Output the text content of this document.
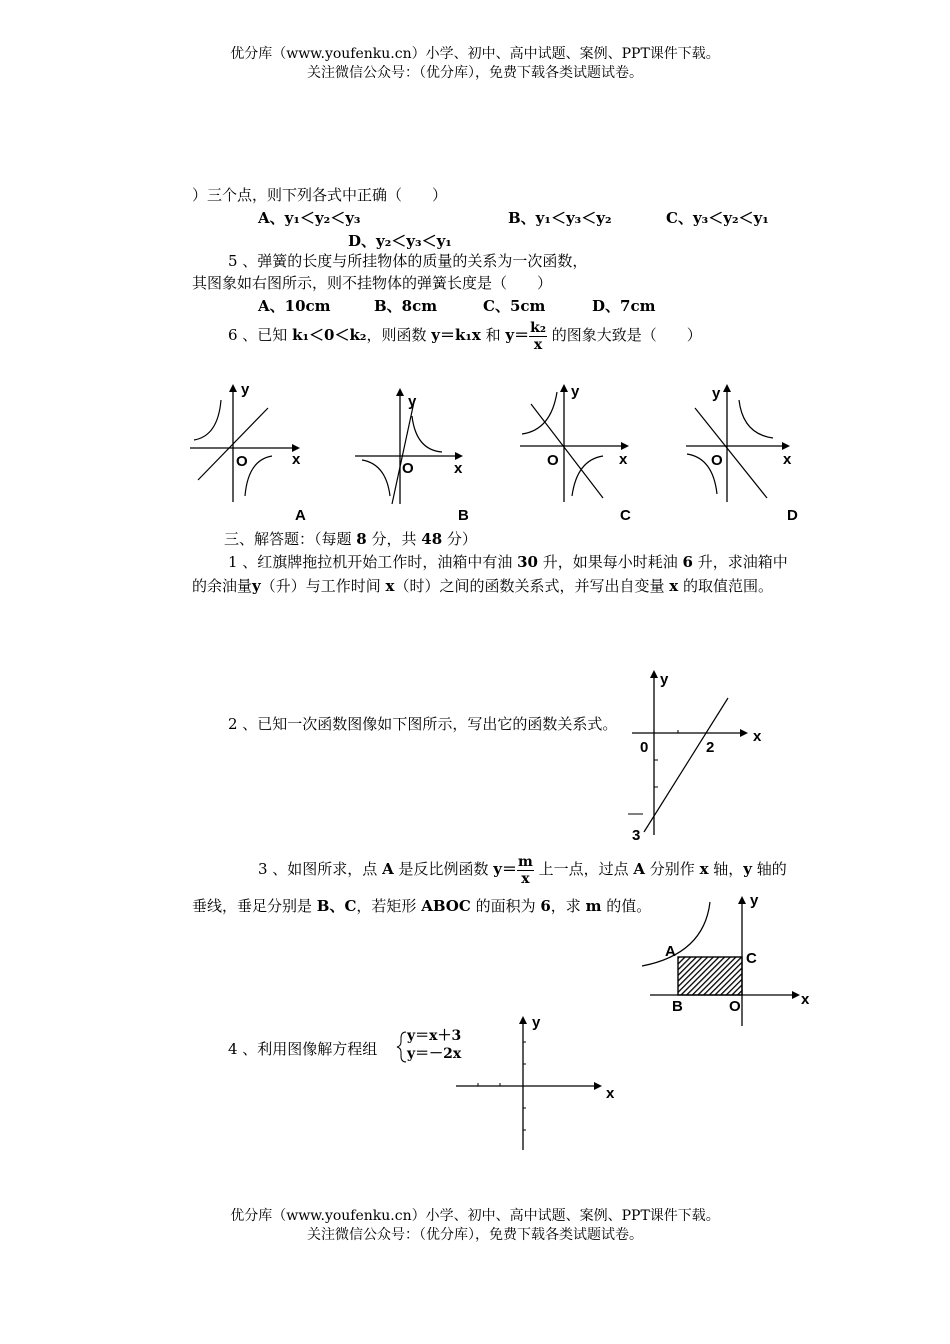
优分库（www.youfenku.cn）小学、初中、高中试题、案例、PPT课件下载。
关注微信公众号：（优分库），免费下载各类试题试卷。
）三个点，则下列各式中正确（　　）
A、y₁＜y₂＜y₃	B、y₁＜y₃＜y₂	C、y₃＜y₂＜y₁
D、y₂＜y₃＜y₁
5 、弹簧的长度与所挂物体的质量的关系为一次函数，
其图象如右图所示，则不挂物体的弹簧长度是（　　）
A、10cm	B、8cm	C、5cm	D、7cm
6 、已知 k₁＜0＜k₂，则函数 y＝k₁x 和 $y= \frac{\text{k₂}}{x}$ 的图象大致是（　　）
y
x
O
A
y
x
O
B
y
x
O
C
y
x
O
D
三、解答题：（每题 8 分，共 48 分）
1 、红旗牌拖拉机开始工作时，油箱中有油 30 升，如果每小时耗油 6 升，求油箱中
的余油量y（升）与工作时间 x（时）之间的函数关系式，并写出自变量 x 的取值范围。
2 、已知一次函数图像如下图所示，写出它的函数关系式。
0	2
—
3
y
x
3 、如图所求，点 A 是反比例函数 $y= \frac{m}{x}$ 上一点，过点 A 分别作 x 轴，y 轴的
垂线，垂足分别是 B、C，若矩形 ABOC 的面积为 6，求 m 的值。
A	C
B	O
y
x
4 、利用图像解方程组
y＝x＋3
y＝－2x
y
x
优分库（www.youfenku.cn）小学、初中、高中试题、案例、PPT课件下载。
关注微信公众号：（优分库），免费下载各类试题试卷。
